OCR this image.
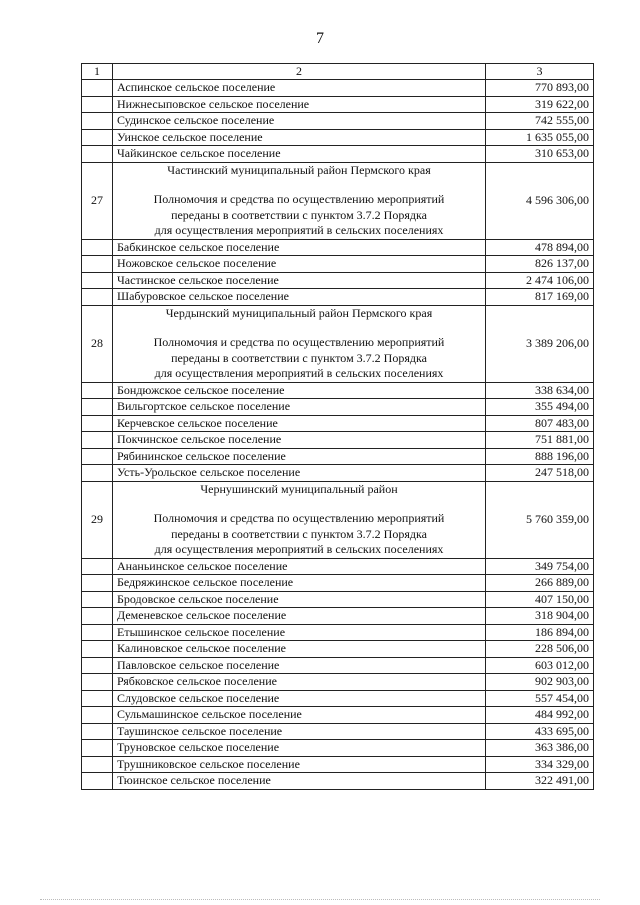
7
1	2	3
	Аспинское сельское поселение	770 893,00
	Нижнесыповское сельское поселение	319 622,00
	Судинское сельское поселение	742 555,00
	Уинское сельское поселение	1 635 055,00
	Чайкинское сельское поселение	310 653,00
27	Частинский муниципальный район Пермского края
Полномочия и средства по осуществлению мероприятий
переданы в соответствии с пунктом 3.7.2 Порядка
для осуществления мероприятий в сельских поселениях	4 596 306,00
	Бабкинское сельское поселение	478 894,00
	Ножовское сельское поселение	826 137,00
	Частинское сельское поселение	2 474 106,00
	Шабуровское сельское поселение	817 169,00
28	Чердынский муниципальный район Пермского края
Полномочия и средства по осуществлению мероприятий
переданы в соответствии с пунктом 3.7.2 Порядка
для осуществления мероприятий в сельских поселениях	3 389 206,00
	Бондюжское сельское поселение	338 634,00
	Вильгортское сельское поселение	355 494,00
	Керчевское сельское поселение	807 483,00
	Покчинское сельское поселение	751 881,00
	Рябининское сельское поселение	888 196,00
	Усть-Урольское сельское поселение	247 518,00
29	Чернушинский муниципальный район
Полномочия и средства по осуществлению мероприятий
переданы в соответствии с пунктом 3.7.2 Порядка
для осуществления мероприятий в сельских поселениях	5 760 359,00
	Ананьинское сельское поселение	349 754,00
	Бедряжинское сельское поселение	266 889,00
	Бродовское сельское поселение	407 150,00
	Деменевское сельское поселение	318 904,00
	Етышинское сельское поселение	186 894,00
	Калиновское сельское поселение	228 506,00
	Павловское сельское поселение	603 012,00
	Рябковское сельское поселение	902 903,00
	Слудовское сельское поселение	557 454,00
	Сульмашинское сельское поселение	484 992,00
	Таушинское сельское поселение	433 695,00
	Труновское сельское поселение	363 386,00
	Трушниковское сельское поселение	334 329,00
	Тюинское сельское поселение	322 491,00
